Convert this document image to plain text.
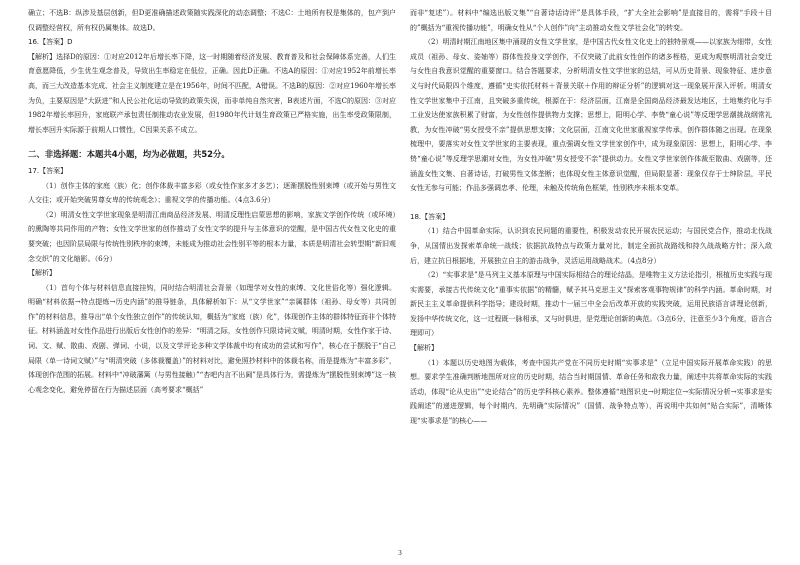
确立；不选B：纵涉及基层创新，但D更准确描述政策随实践深化的动态调整；不选C：土地所有权是集体的，包产到户仅调整经营权，所有权仍属集体。故选D。

16.【答案】D

【解析】选择D的原因：①对应2012年后增长率下降，这一时期随着经济发展、教育普及和社会保障体系完善，人们生育意愿降低，少生优生观念普及，导致出生率稳定在低位，正确。因此D正确。不选A的原因：①对应1952年前增长率高，而三大改造基本完成、社会主义制度建立是在1956年，时间不匹配，A错误。不选B的原因：②对应1960年增长率为负，主要原因是“大跃进”和人民公社化运动导致的政策失误，而非单纯自然灾害，B表述片面，不选C的原因：③对应1982年增长率回升，家庭联产承包责任制推动农业发展，但1980年代计划生育政策已严格实施，出生率受政策限制，增长率回升实际源于前期人口惯性，C因果关系不成立。

二、非选择题：本题共4小题，均为必做题，共52分。

17.【答案】

（1）创作主体的家庭（族）化；创作体裁丰富多彩（或女性作家多才多艺）；逐渐摆脱性别束缚（或开始与男性文人交往；或开始突破男尊女卑的传统观念）；重视文学的传播功能。（4点3.6分）

（2）明清女性文学世家现象是明清江南商品经济发展、明清反理性启蒙思想的影响，家族文学创作传统（或环境）的熏陶等共同作用的产物；女性文学世家的创作推动了女性文学的提升与主体意识的觉醒，是中国古代女性文化史的重要突破；也因阶层局限与传统性别秩序的束缚，未能成为推动社会性别平等的根本力量，本质是明清社会转型期“新旧观念交织”的文化缩影。（6分）

【解析】

（1）首句个体与材料信息直接挂钩，同时结合明清社会背景（如理学对女性的束缚、文化世俗化等）强化逻辑。明确“材料依据→特点提炼→历史内涵”的推导链条，具体解析如下：从“文学世家”“亲属群体（祖孙、母女等）共同创作”的材料信息，推导出“单个女性独立创作”的传统认知，概括为“家庭（族）化”，体现创作主体的群体特征而非个体特征。材料涵盖对女性作品进行出版后女性创作的差异：“明清之际，女性创作只限诗词文赋，明清时期，女性作家于诗、词、文、赋、散曲、戏剧、弹词、小说，以及文学评论多种文学体裁中均有成功的尝试和写作”，核心在于摆脱于“自己局限（单一诗词文赋）”与“明清突破（多体裁覆盖）”的材料对比，避免照抄材料中的体裁名称，而是提炼为“丰富多彩”，体现创作范围的拓展。材料中“冲破藩篱（与男性接触）”“杏吧内言不出阃”是具体行为，需提炼为“摆脱性别束缚”这一核心观念变化，避免停留在行为描述层面（高考要求“概括”

而非“复述”）。材料中“编选出版文集”“自著诗话诗评”是具体手段，“扩大全社会影响”是直接目的，需将“手段＋目的”概括为“重视传播功能”，明确女性从“个人创作”向“主动推动女性文学社会化”的转变。

（2）明清时期江南地区集中涌现的女性文学世家，是中国古代女性文化史上的独特景观——以家族为细带，女性成员（祖孙、母女、姿妯等）群体性投身文学创作，不仅突破了此前女性创作的诸多桎梏，更成为观察明清社会变迁与女性自我意识觉醒的重要窗口。结合答题要求，分析明清女性文学世家的总结，可从历史背景、现象特征、进步意义与时代局限四个维度，遵循“史实依托材料＋背景关联＋作用的辩证分析”的逻辑对这一现象展开深入评析。明清女性文学世家集中于江南，且突破多重传统，根源在于：经济层面，江南是全国商品经济最发达地区，土地集约化与手工业发达使家族积累了财富，为女性创作提供物力支撑；思想上，阳明心学、李贽“童心说”等反理学思潮挑战纲常礼教，为女性冲破“男女授受不亲”提供思想支撑；文化层面，江南文化世家重视家学传承，创作群体随之出现。在现象梳理中，要落实对女性文学世家的主要表现，重点强调女性文学世家创作中，成为现象原因：思想上，阳明心学、李贽“童心说”等反理学思潮对女性，为女性冲破“男女授受不亲”提供动力。女性文学世家创作体裁至散曲、戏剧等，还涵盖女性文集、自著诗话，打破男性文体垄断；也体现女性主体意识觉醒，但局限显著：现象仅存于士绅阶层，平民女性无参与可能；作品多强调忠孝、伦理，未触及传统角色框架，性别秩序未根本变革。

18.【答案】

（1）结合中国革命实际，认识到农民问题的重要性，积极发动农民开展农民运动；与国民党合作，推动北伐战争，从国情出发探索革命统一战线；依据抗战特点与政策力量对比，制定全面抗战路线和持久战战略方针；深入敌后，建立抗日根据地，开展独立自主的游击战争，灵活运用战略战术。（4点8分）

（2）“实事求是”是马列主义基本原理与中国实际相结合的理论结晶，是唯物主义方法论指引，根植历史实践与现实需要，承接古代传统文化“重事实依据”的精髓，赋予其马克思主义“探索客观事物规律”的科学内涵。革命时期，对新民主主义革命提供科学指导；建设时期，推动十一届三中全会后改革开放的实践突破，运用民族语言讲理论创新，发扬中华传统文化，这一过程既一脉相承，又与时俱进，是党理论创新的典范。（3点6分，注意至少3个角度，语言合理即可）

【解析】

（1）本题以历史地图为载体，考查中国共产党在不同历史时期“实事求是”（立足中国实际开展革命实践）的思想。要求学生准确判断地图所对应的历史时期，结合当时期国情、革命任务和敌我力量，阐述中共将革命实际的实践活动，体现“论从史出”“史论结合”的历史学科核心素养。整体遵循“地图识史→时期定位→实际情况分析→实事求是实践阐述”的递进逻辑，每个时期内，先明确“实际情况”（国情、战争特点等），再说明中共如何“贴合实际”，清晰体现“实事求是”的核心——

3
